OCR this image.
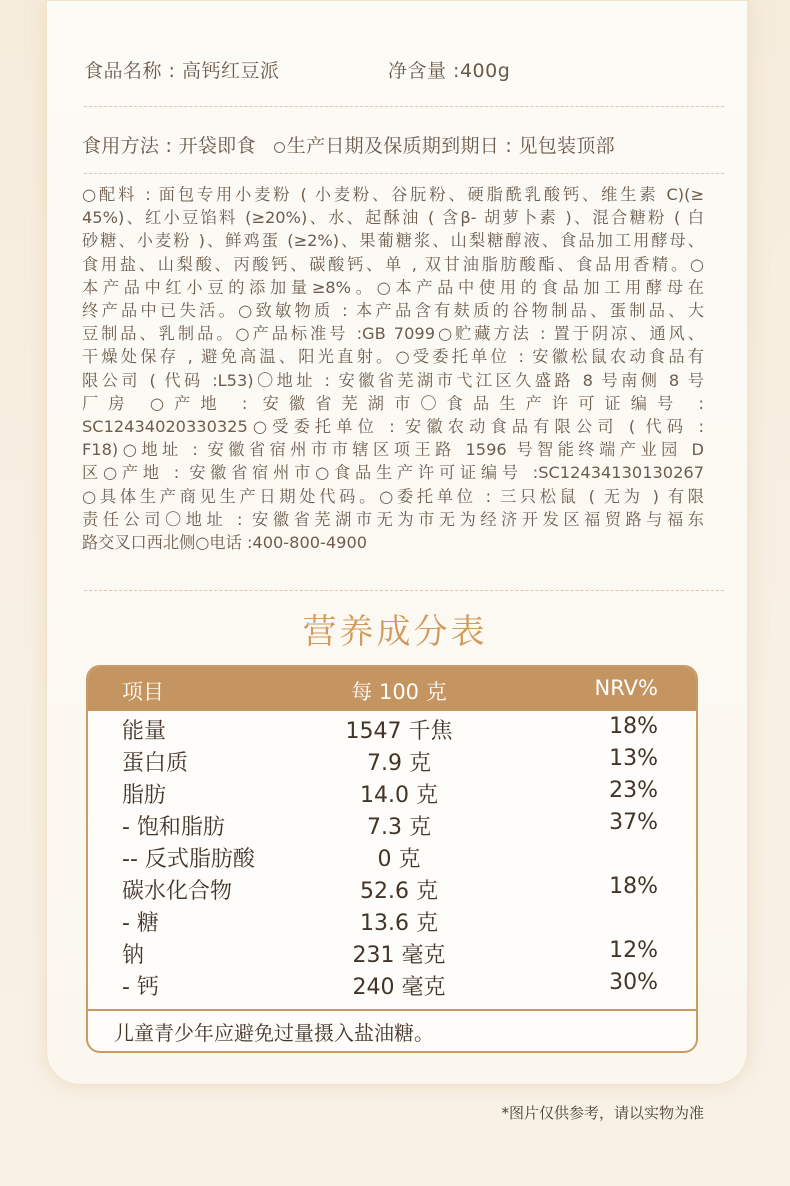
食品名称 : 高钙红豆派	净含量 :400g
食用方法 : 开袋即食 生产日期及保质期到期日 : 见包装顶部
○配料 : 面包专用小麦粉 ( 小麦粉、谷朊粉、硬脂酰乳酸钙、维生素 C)(≥
45%)、红小豆馅料 (≥20%)、水、起酥油 ( 含β- 胡萝卜素 )、混合糖粉 ( 白
砂糖、小麦粉 )、鲜鸡蛋 (≥2%)、果葡糖浆、山梨糖醇液、食品加工用酵母、
食用盐、山梨酸、丙酸钙、碳酸钙、单 , 双甘油脂肪酸酯、食品用香精。○
本产品中红小豆的添加量≥8%。○本产品中使用的食品加工用酵母在
终产品中已失活。○致敏物质 : 本产品含有麸质的谷物制品、蛋制品、大
豆制品、乳制品。○产品标准号 :GB 7099○贮藏方法 : 置于阴凉、通风、
干燥处保存 , 避免高温、阳光直射。○受委托单位 : 安徽松鼠农动食品有
限公司 ( 代码 :L53)〇地址 : 安徽省芜湖市弋江区久盛路 8 号南侧 8 号
厂房 ○产地 : 安徽省芜湖市〇食品生产许可证编号 :
SC12434020330325○受委托单位 : 安徽农动食品有限公司 ( 代码 :
F18)○地址 : 安徽省宿州市市辖区项王路 1596 号智能终端产业园 D
区○产地 : 安徽省宿州市○食品生产许可证编号 :SC12434130130267
○具体生产商见生产日期处代码。○委托单位 : 三只松鼠 ( 无为 ) 有限
责任公司〇地址 : 安徽省芜湖市无为市无为经济开发区福贸路与福东
路交叉口西北侧○电话 :400-800-4900
营养成分表
项目	每 100 克	NRV%
能量	1547 千焦	18%
蛋白质	7.9 克	13%
脂肪	14.0 克	23%
- 饱和脂肪	7.3 克	37%
-- 反式脂肪酸	0 克
碳水化合物	52.6 克	18%
- 糖	13.6 克
钠	231 毫克	12%
- 钙	240 毫克	30%
儿童青少年应避免过量摄入盐油糖。
*图片仅供参考，请以实物为准
